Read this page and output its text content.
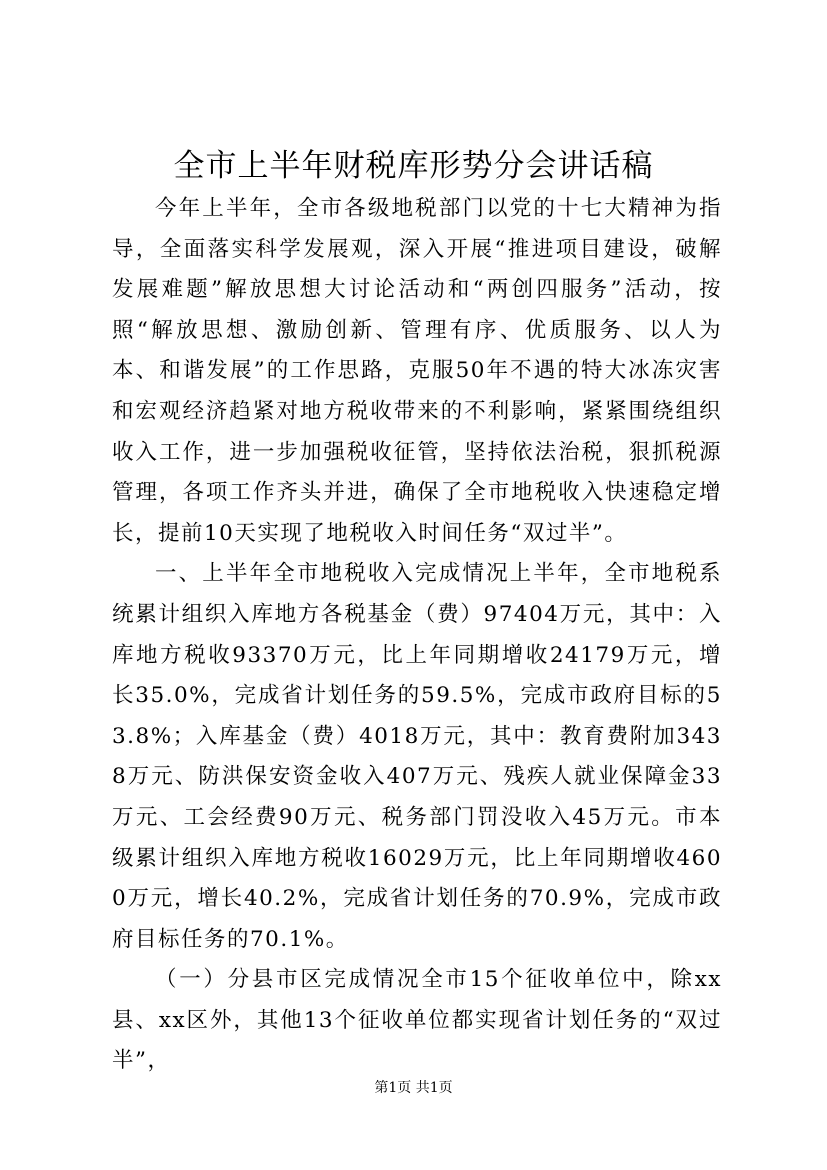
全市上半年财税库形势分会讲话稿

今年上半年，全市各级地税部门以党的十七大精神为指导，全面落实科学发展观，深入开展“推进项目建设，破解发展难题”解放思想大讨论活动和“两创四服务”活动，按照“解放思想、激励创新、管理有序、优质服务、以人为本、和谐发展”的工作思路，克服50年不遇的特大冰冻灾害和宏观经济趋紧对地方税收带来的不利影响，紧紧围绕组织收入工作，进一步加强税收征管，坚持依法治税，狠抓税源管理，各项工作齐头并进，确保了全市地税收入快速稳定增长，提前10天实现了地税收入时间任务“双过半”。

一、上半年全市地税收入完成情况上半年，全市地税系统累计组织入库地方各税基金（费）97404万元，其中：入库地方税收93370万元，比上年同期增收24179万元，增长35.0%，完成省计划任务的59.5%，完成市政府目标的53.8%；入库基金（费）4018万元，其中：教育费附加3438万元、防洪保安资金收入407万元、残疾人就业保障金33万元、工会经费90万元、税务部门罚没收入45万元。市本级累计组织入库地方税收16029万元，比上年同期增收4600万元，增长40.2%，完成省计划任务的70.9%，完成市政府目标任务的70.1%。

（一）分县市区完成情况全市15个征收单位中，除xx县、xx区外，其他13个征收单位都实现省计划任务的“双过半”，

第1页 共1页
